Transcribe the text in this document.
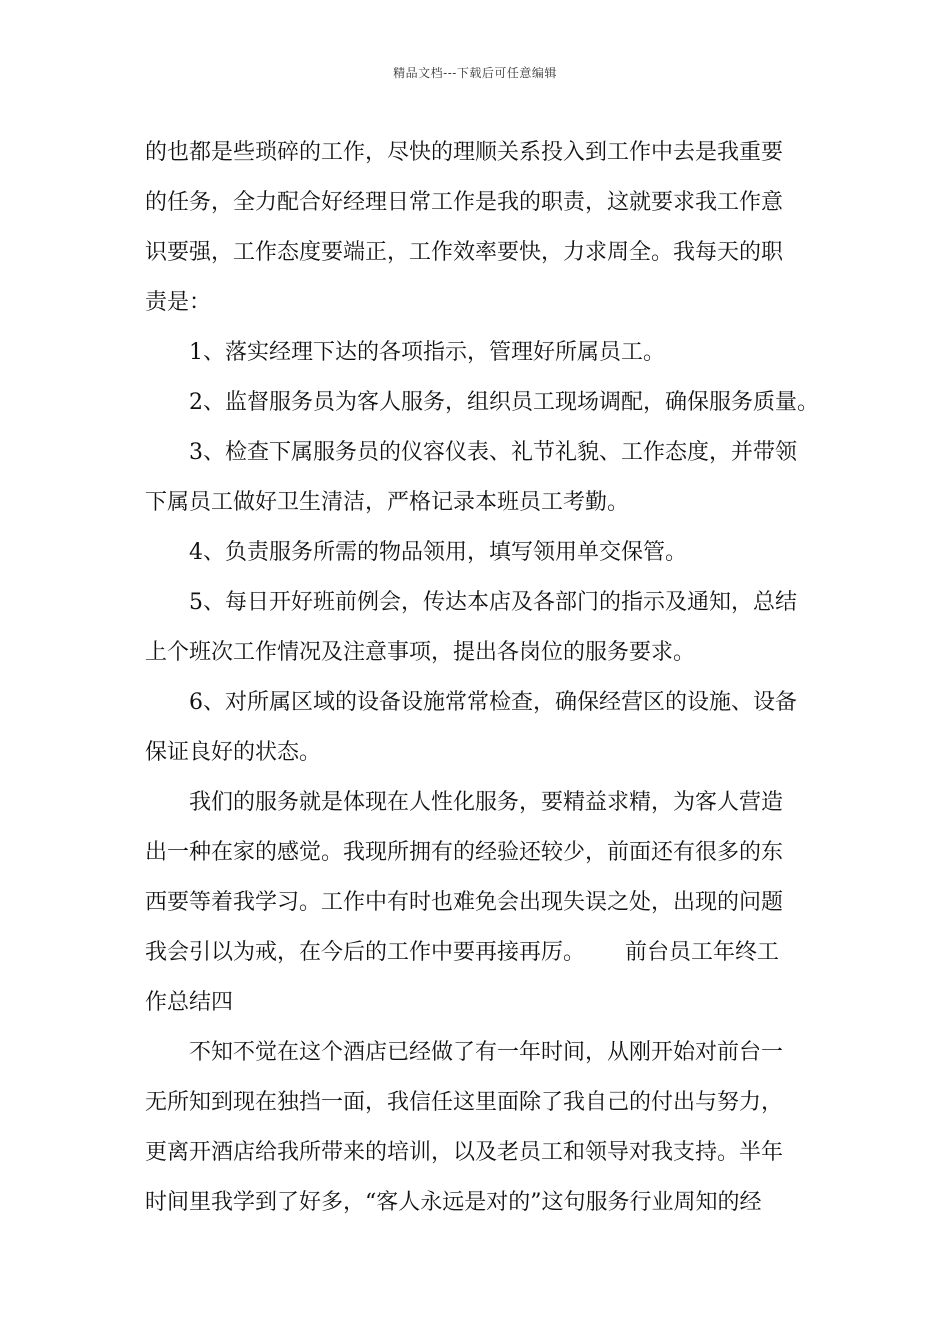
精品文档---下载后可任意编辑
的也都是些琐碎的工作，尽快的理顺关系投入到工作中去是我重要
的任务，全力配合好经理日常工作是我的职责，这就要求我工作意
识要强，工作态度要端正，工作效率要快，力求周全。我每天的职
责是：
1、落实经理下达的各项指示，管理好所属员工。
2、监督服务员为客人服务，组织员工现场调配，确保服务质量。
3、检查下属服务员的仪容仪表、礼节礼貌、工作态度，并带领
下属员工做好卫生清洁，严格记录本班员工考勤。
4、负责服务所需的物品领用，填写领用单交保管。
5、每日开好班前例会，传达本店及各部门的指示及通知，总结
上个班次工作情况及注意事项，提出各岗位的服务要求。
6、对所属区域的设备设施常常检查，确保经营区的设施、设备
保证良好的状态。
我们的服务就是体现在人性化服务，要精益求精，为客人营造
出一种在家的感觉。我现所拥有的经验还较少，前面还有很多的东
西要等着我学习。工作中有时也难免会出现失误之处，出现的问题
我会引以为戒，在今后的工作中要再接再厉。 前台员工年终工
作总结四
不知不觉在这个酒店已经做了有一年时间，从刚开始对前台一
无所知到现在独挡一面，我信任这里面除了我自己的付出与努力，
更离开酒店给我所带来的培训，以及老员工和领导对我支持。半年
时间里我学到了好多，“客人永远是对的”这句服务行业周知的经
